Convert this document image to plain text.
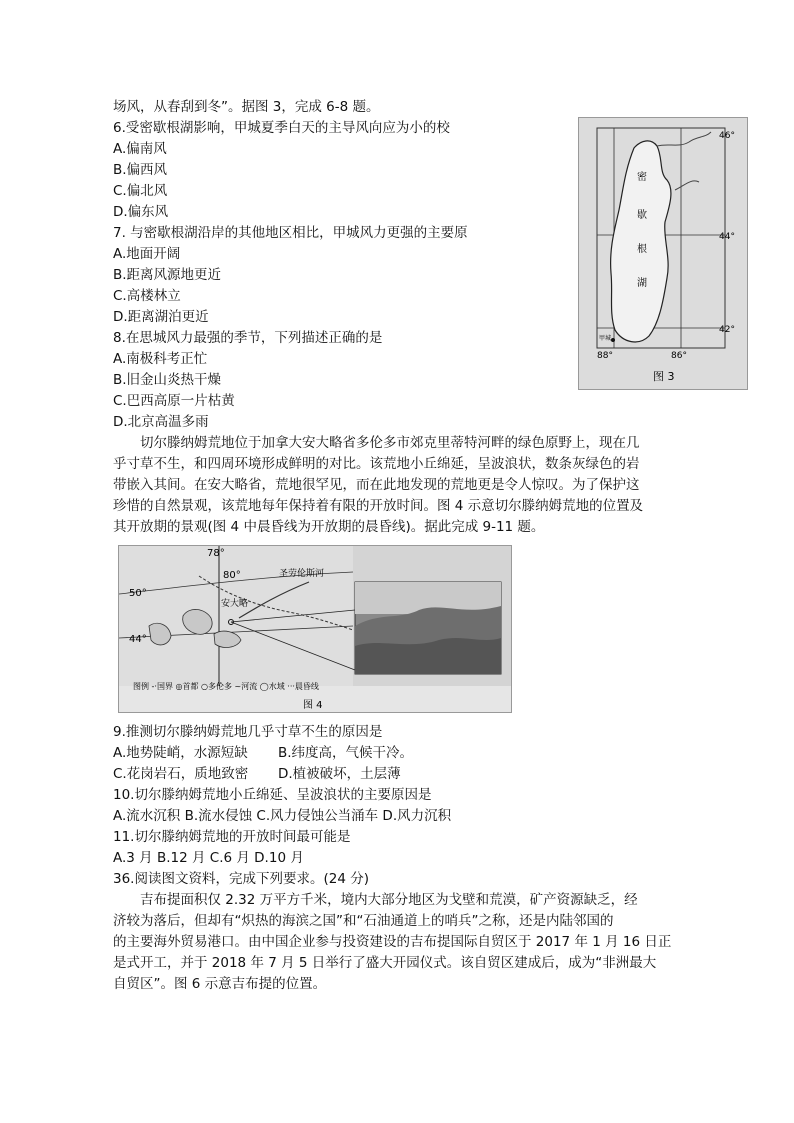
场风，从春刮到冬”。据图 3，完成 6-8 题。
6.受密歇根湖影响，甲城夏季白天的主导风向应为小的校
A.偏南风
B.偏西风
C.偏北风
D.偏东风
7. 与密歇根湖沿岸的其他地区相比，甲城风力更强的主要原
A.地面开阔
B.距离风源地更近
C.高楼林立
D.距离湖泊更近
8.在思城风力最强的季节，下列描述正确的是
A.南极科考正忙
B.旧金山炎热干燥
C.巴西高原一片枯黄
D.北京高温多雨
切尔滕纳姆荒地位于加拿大安大略省多伦多市郊克里蒂特河畔的绿色原野上，现在几
乎寸草不生，和四周环境形成鲜明的对比。该荒地小丘绵延，呈波浪状，数条灰绿色的岩
带嵌入其间。在安大略省，荒地很罕见，而在此地发现的荒地更是令人惊叹。为了保护这
珍惜的自然景观，该荒地每年保持着有限的开放时间。图 4 示意切尔滕纳姆荒地的位置及
其开放期的景观(图 4 中晨昏线为开放期的晨昏线)。据此完成 9-11 题。
密
歇
根
湖
46°
44°
42°
88°	86°
甲城
图 3
78°
80°
50°
44°
圣劳伦斯河
安大略
图例 -·国界 ◎首都 ○多伦多 ~河流 ◯水域 ···晨昏线
图 4
9.推测切尔滕纳姆荒地几乎寸草不生的原因是
A.地势陡峭，水源短缺 B.纬度高，气候干冷。
C.花岗岩石，质地致密 D.植被破坏，土层薄
10.切尔滕纳姆荒地小丘绵延、呈波浪状的主要原因是
A.流水沉积 B.流水侵蚀 C.风力侵蚀公当涌车 D.风力沉积
11.切尔滕纳姆荒地的开放时间最可能是
A.3 月 B.12 月 C.6 月 D.10 月
36.阅读图文资料，完成下列要求。(24 分)
吉布提面积仅 2.32 万平方千米，境内大部分地区为戈壁和荒漠，矿产资源缺乏，经
济较为落后，但却有“炽热的海滨之国”和“石油通道上的哨兵”之称，还是内陆邻国的
的主要海外贸易港口。由中国企业参与投资建设的吉布提国际自贸区于 2017 年 1 月 16 日正
是式开工，并于 2018 年 7 月 5 日举行了盛大开园仪式。该自贸区建成后，成为“非洲最大
自贸区”。图 6 示意吉布提的位置。
